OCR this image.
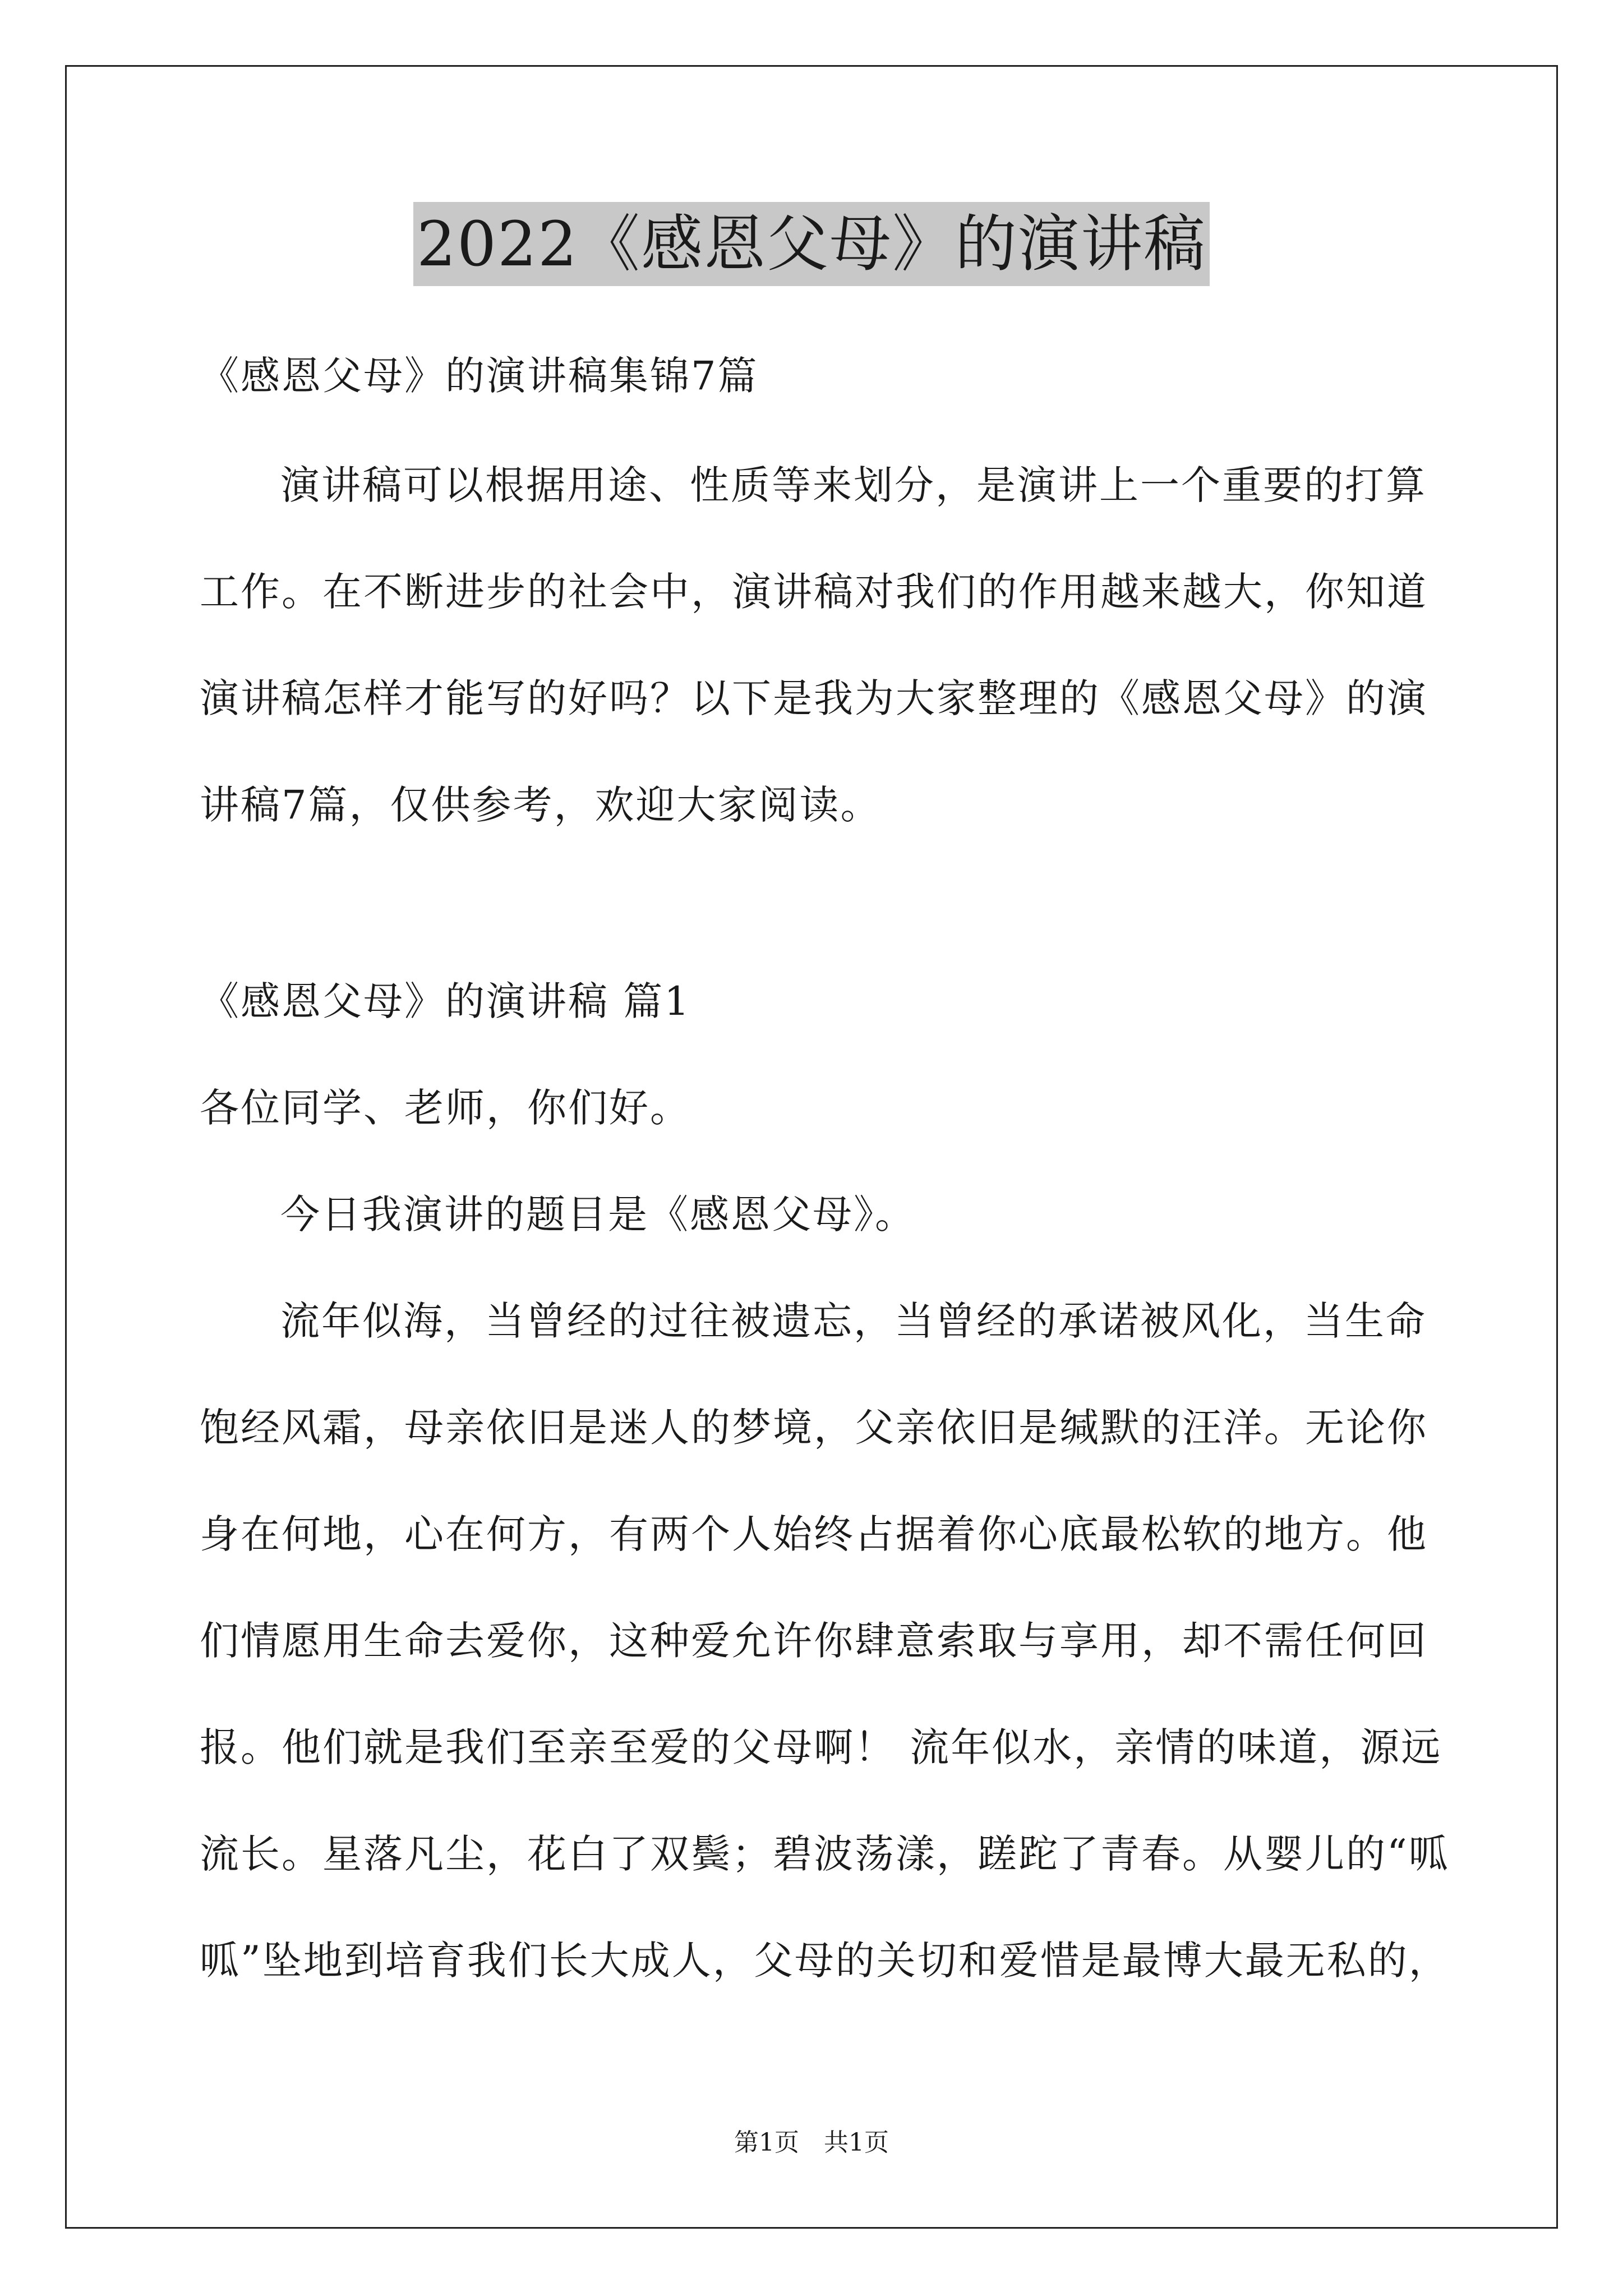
2022《感恩父母》的演讲稿
《感恩父母》的演讲稿集锦7篇
演讲稿可以根据用途、性质等来划分，是演讲上一个重要的打算
工作。在不断进步的社会中，演讲稿对我们的作用越来越大，你知道
演讲稿怎样才能写的好吗？以下是我为大家整理的《感恩父母》的演
讲稿7篇，仅供参考，欢迎大家阅读。
《感恩父母》的演讲稿 篇1
各位同学、老师，你们好。
今日我演讲的题目是《感恩父母》。
流年似海，当曾经的过往被遗忘，当曾经的承诺被风化，当生命
饱经风霜，母亲依旧是迷人的梦境，父亲依旧是缄默的汪洋。无论你
身在何地，心在何方，有两个人始终占据着你心底最松软的地方。他
们情愿用生命去爱你，这种爱允许你肆意索取与享用，却不需任何回
报。他们就是我们至亲至爱的父母啊！ 流年似水，亲情的味道，源远
流长。星落凡尘，花白了双鬓；碧波荡漾，蹉跎了青春。从婴儿的“呱
呱”坠地到培育我们长大成人，父母的关切和爱惜是最博大最无私的，
第1页　共1页
